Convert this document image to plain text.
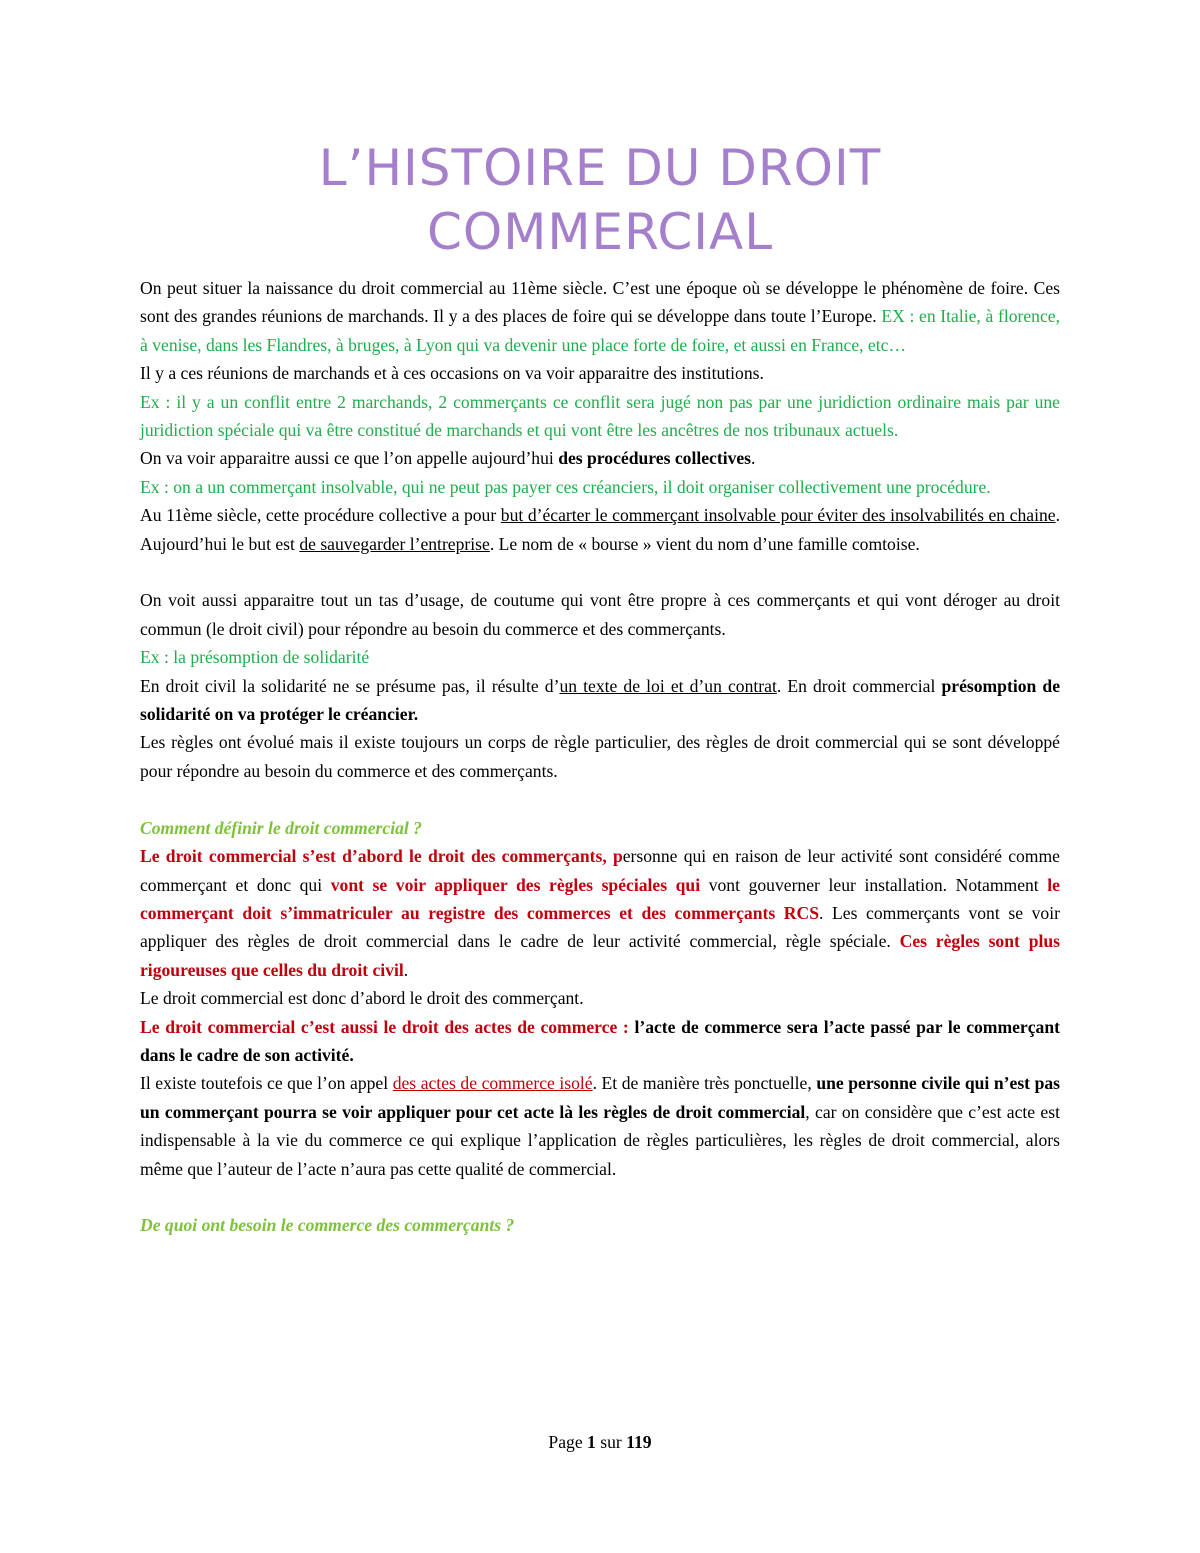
L’HISTOIRE DU DROIT
COMMERCIAL

On peut situer la naissance du droit commercial au 11ème siècle. C’est une époque où se développe le phénomène de foire. Ces sont des grandes réunions de marchands. Il y a des places de foire qui se développe dans toute l’Europe. EX : en Italie, à florence, à venise, dans les Flandres, à bruges, à Lyon qui va devenir une place forte de foire, et aussi en France, etc…

Il y a ces réunions de marchands et à ces occasions on va voir apparaitre des institutions.

Ex : il y a un conflit entre 2 marchands, 2 commerçants ce conflit sera jugé non pas par une juridiction ordinaire mais par une juridiction spéciale qui va être constitué de marchands et qui vont être les ancêtres de nos tribunaux actuels.

On va voir apparaitre aussi ce que l’on appelle aujourd’hui des procédures collectives.

Ex : on a un commerçant insolvable, qui ne peut pas payer ces créanciers, il doit organiser collectivement une procédure.

Au 11ème siècle, cette procédure collective a pour but d’écarter le commerçant insolvable pour éviter des insolvabilités en chaine. Aujourd’hui le but est de sauvegarder l’entreprise. Le nom de « bourse » vient du nom d’une famille comtoise.

On voit aussi apparaitre tout un tas d’usage, de coutume qui vont être propre à ces commerçants et qui vont déroger au droit commun (le droit civil) pour répondre au besoin du commerce et des commerçants.

Ex : la présomption de solidarité

En droit civil la solidarité ne se présume pas, il résulte d’un texte de loi et d’un contrat. En droit commercial présomption de solidarité on va protéger le créancier.

Les règles ont évolué mais il existe toujours un corps de règle particulier, des règles de droit commercial qui se sont développé pour répondre au besoin du commerce et des commerçants.

Comment définir le droit commercial ?

Le droit commercial s’est d’abord le droit des commerçants, personne qui en raison de leur activité sont considéré comme commerçant et donc qui vont se voir appliquer des règles spéciales qui vont gouverner leur installation. Notamment le commerçant doit s’immatriculer au registre des commerces et des commerçants RCS. Les commerçants vont se voir appliquer des règles de droit commercial dans le cadre de leur activité commercial, règle spéciale. Ces règles sont plus rigoureuses que celles du droit civil.

Le droit commercial est donc d’abord le droit des commerçant.

Le droit commercial c’est aussi le droit des actes de commerce : l’acte de commerce sera l’acte passé par le commerçant dans le cadre de son activité.

Il existe toutefois ce que l’on appel des actes de commerce isolé. Et de manière très ponctuelle, une personne civile qui n’est pas un commerçant pourra se voir appliquer pour cet acte là les règles de droit commercial, car on considère que c’est acte est indispensable à la vie du commerce ce qui explique l’application de règles particulières, les règles de droit commercial, alors même que l’auteur de l’acte n’aura pas cette qualité de commercial.

De quoi ont besoin le commerce des commerçants ?

Page 1 sur 119
